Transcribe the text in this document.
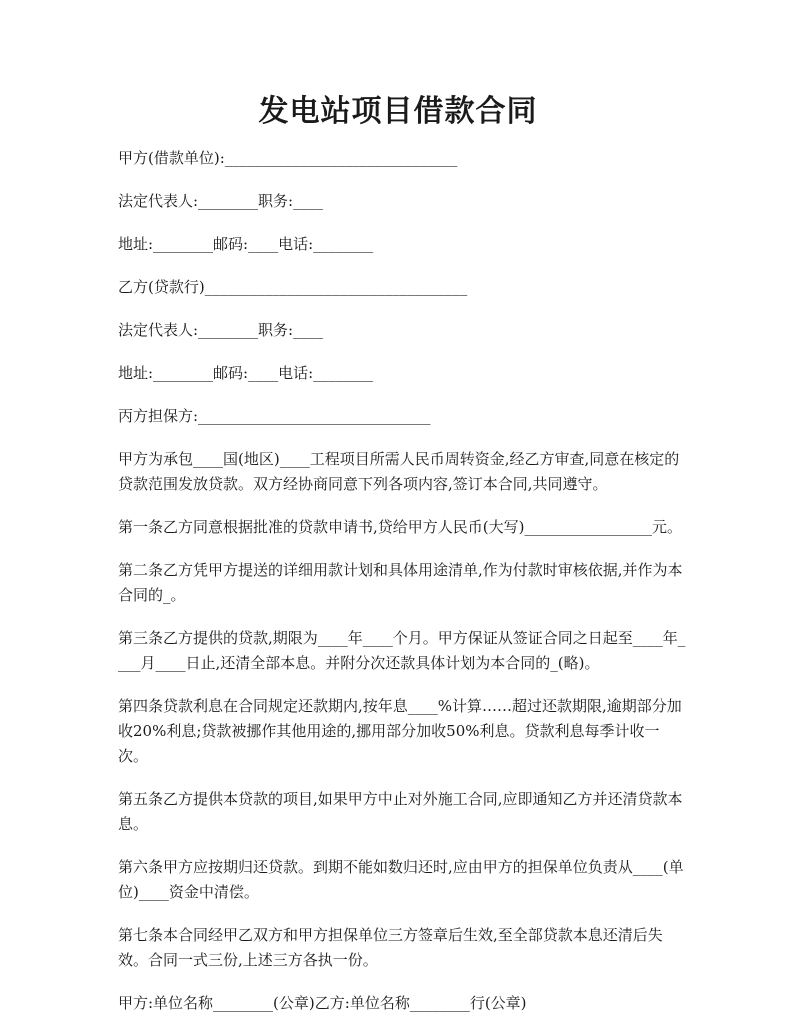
发电站项目借款合同

甲方(借款单位):_______________________________

法定代表人:________职务:____

地址:________邮码:____电话:________

乙方(贷款行)___________________________________

法定代表人:________职务:____

地址:________邮码:____电话:________

丙方担保方:_______________________________

甲方为承包____国(地区)____工程项目所需人民币周转资金,经乙方审查,同意在核定的贷款范围发放贷款。双方经协商同意下列各项内容,签订本合同,共同遵守。

第一条乙方同意根据批准的贷款申请书,贷给甲方人民币(大写)_________________元。

第二条乙方凭甲方提送的详细用款计划和具体用途清单,作为付款时审核依据,并作为本合同的_。

第三条乙方提供的贷款,期限为____年____个月。甲方保证从签证合同之日起至____年____月____日止,还清全部本息。并附分次还款具体计划为本合同的_(略)。

第四条贷款利息在合同规定还款期内,按年息____%计算……超过还款期限,逾期部分加收20%利息;贷款被挪作其他用途的,挪用部分加收50%利息。贷款利息每季计收一次。

第五条乙方提供本贷款的项目,如果甲方中止对外施工合同,应即通知乙方并还清贷款本息。

第六条甲方应按期归还贷款。到期不能如数归还时,应由甲方的担保单位负责从____(单位)____资金中清偿。

第七条本合同经甲乙双方和甲方担保单位三方签章后生效,至全部贷款本息还清后失效。合同一式三份,上述三方各执一份。

甲方:单位名称________(公章)乙方:单位名称________行(公章)
